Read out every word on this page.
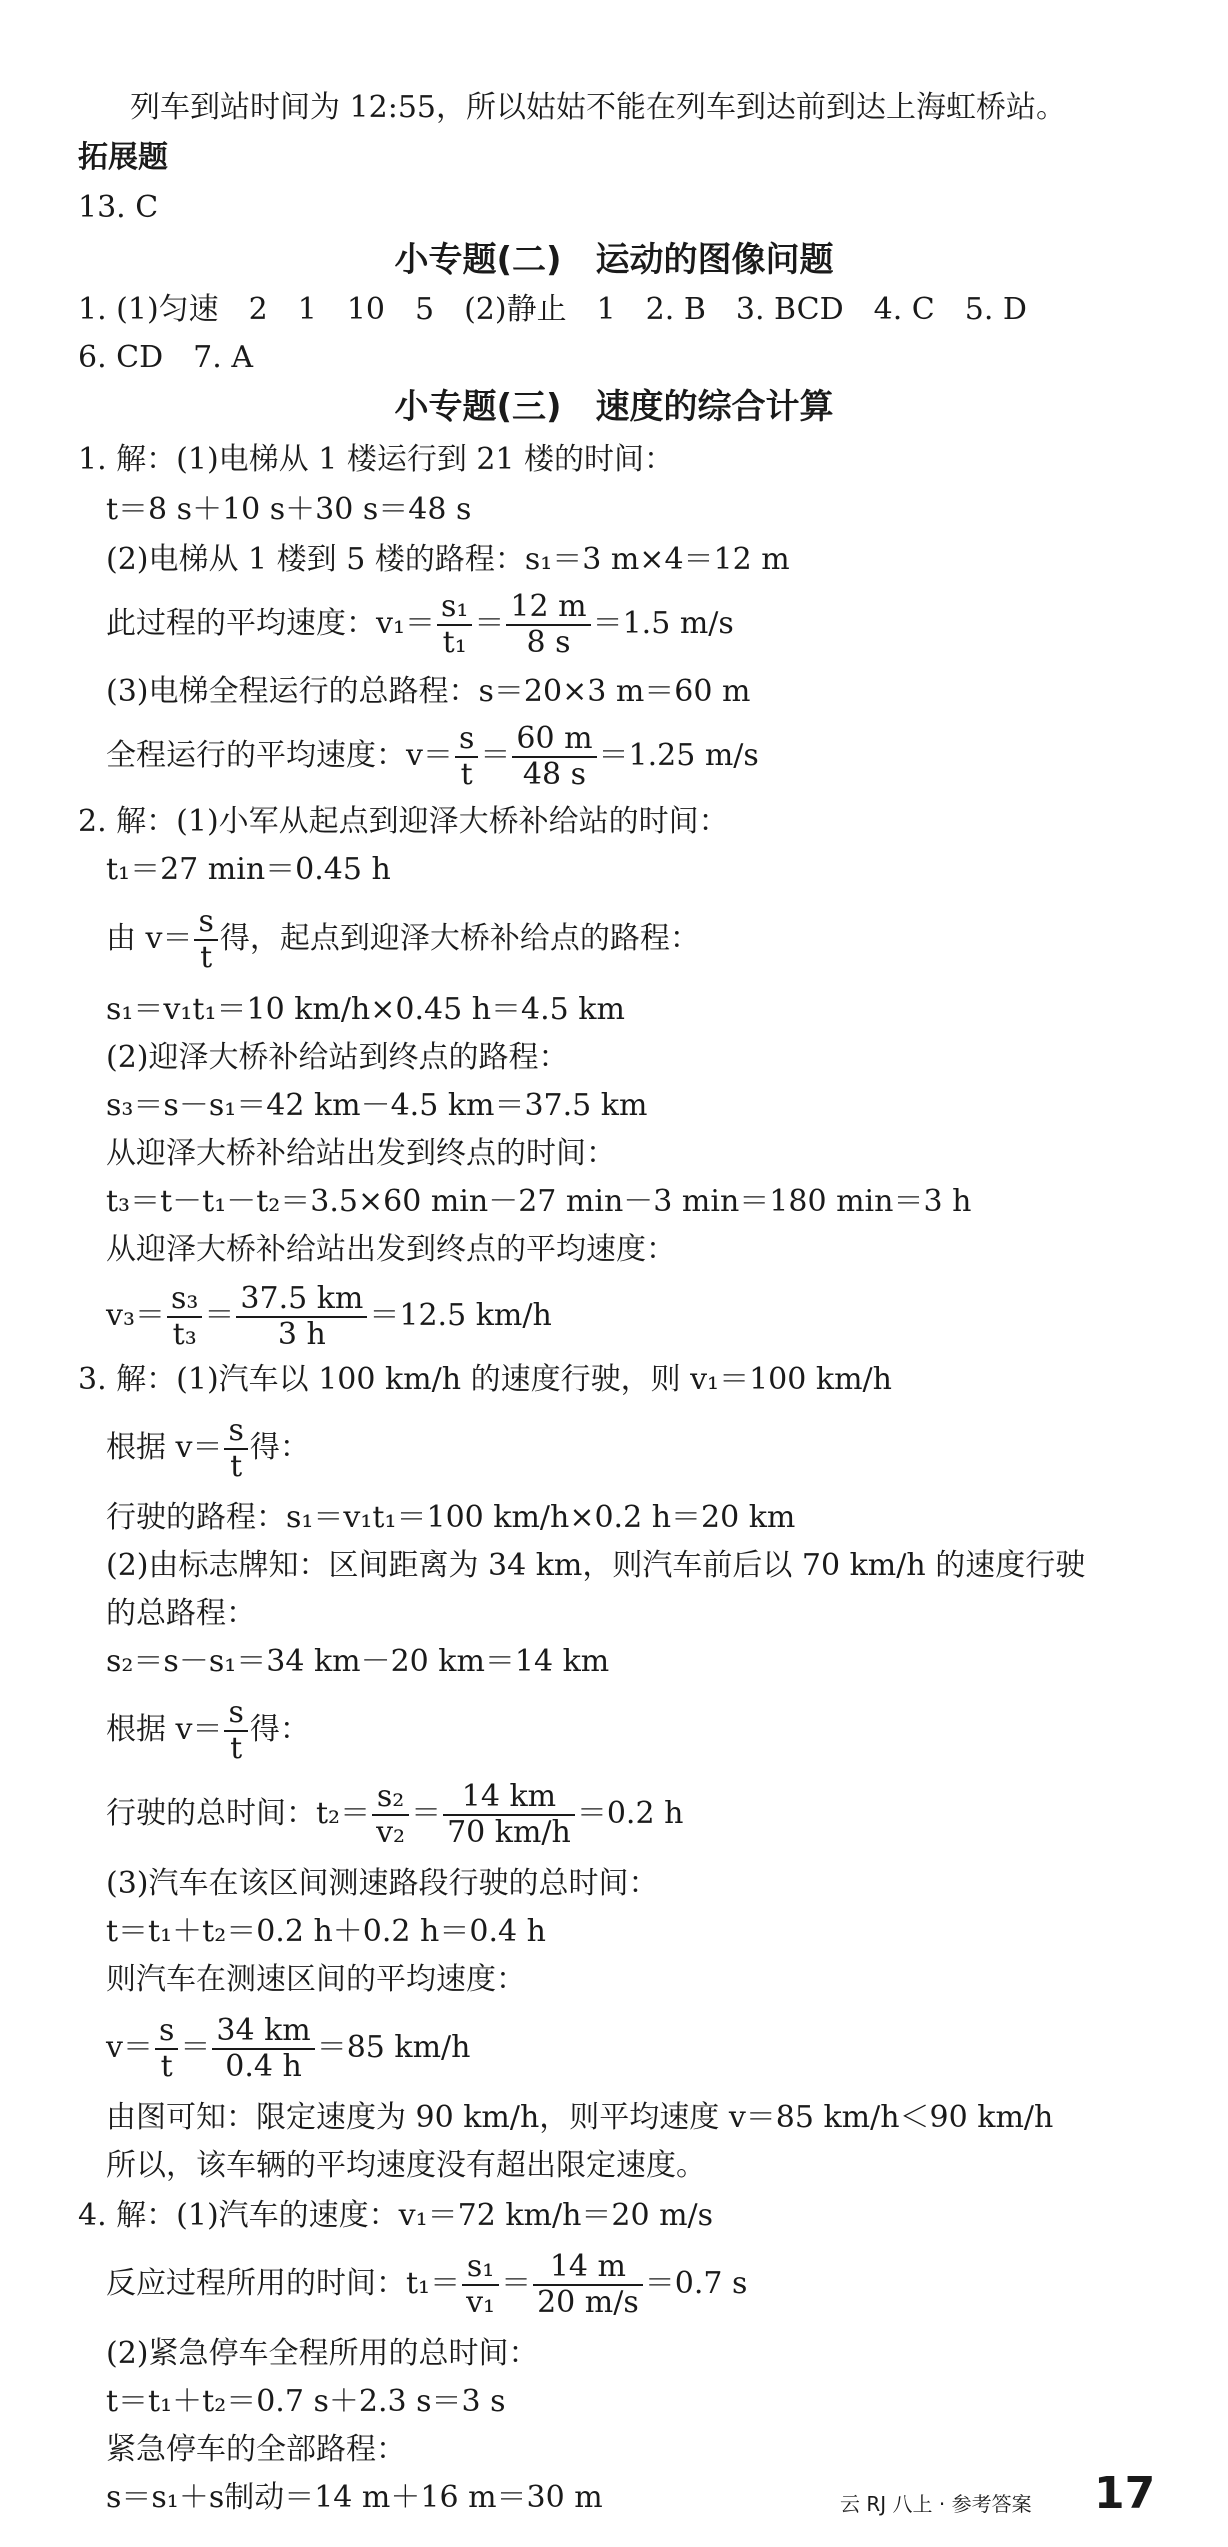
列车到站时间为 12:55，所以姑姑不能在列车到达前到达上海虹桥站。
拓展题
13. C
小专题(二)　运动的图像问题
1. (1)匀速　2　1　10　5　(2)静止　1　2. B　3. BCD　4. C　5. D
6. CD　7. A
小专题(三)　速度的综合计算
1. 解：(1)电梯从 1 楼运行到 21 楼的时间：
t＝8 s＋10 s＋30 s＝48 s
(2)电梯从 1 楼到 5 楼的路程：s₁＝3 m×4＝12 m
此过程的平均速度：$v_1= \frac{\text{s₁}}{\text{t₁}} = \frac{12 m}{8 s} =1.5$ m/s
(3)电梯全程运行的总路程：s＝20×3 m＝60 m
全程运行的平均速度：$v= \frac{s}{t} = \frac{60 m}{48 s} =1.25$ m/s
2. 解：(1)小军从起点到迎泽大桥补给站的时间：
t₁＝27 min＝0.45 h
由 $v= \frac{s}{t}$ 得，起点到迎泽大桥补给点的路程：
s₁＝v₁t₁＝10 km/h×0.45 h＝4.5 km
(2)迎泽大桥补给站到终点的路程：
s₃＝s－s₁＝42 km－4.5 km＝37.5 km
从迎泽大桥补给站出发到终点的时间：
t₃＝t－t₁－t₂＝3.5×60 min－27 min－3 min＝180 min＝3 h
从迎泽大桥补给站出发到终点的平均速度：
$v_3= \frac{\text{s₃}}{\text{t₃}} = \frac{37.5 km}{3 h} =12.5$ km/h
3. 解：(1)汽车以 100 km/h 的速度行驶，则 v₁＝100 km/h
根据 $v= \frac{s}{t}$ 得：
行驶的路程：s₁＝v₁t₁＝100 km/h×0.2 h＝20 km
(2)由标志牌知：区间距离为 34 km，则汽车前后以 70 km/h 的速度行驶
的总路程：
s₂＝s－s₁＝34 km－20 km＝14 km
根据 $v= \frac{s}{t}$ 得：
行驶的总时间：$t_2= \frac{\text{s₂}}{\text{v₂}} = \frac{14 km}{70 km/h} =0.2$ h
(3)汽车在该区间测速路段行驶的总时间：
t＝t₁＋t₂＝0.2 h＋0.2 h＝0.4 h
则汽车在测速区间的平均速度：
$v= \frac{s}{t} = \frac{34 km}{0.4 h} =85$ km/h
由图可知：限定速度为 90 km/h，则平均速度 v＝85 km/h＜90 km/h
所以，该车辆的平均速度没有超出限定速度。
4. 解：(1)汽车的速度：v₁＝72 km/h＝20 m/s
反应过程所用的时间：$t_1= \frac{\text{s₁}}{\text{v₁}} = \frac{14 m}{20 m/s} =0.7$ s
(2)紧急停车全程所用的总时间：
t＝t₁＋t₂＝0.7 s＋2.3 s＝3 s
紧急停车的全部路程：
s＝s₁＋s制动＝14 m＋16 m＝30 m	云 RJ 八上 · 参考答案 17
